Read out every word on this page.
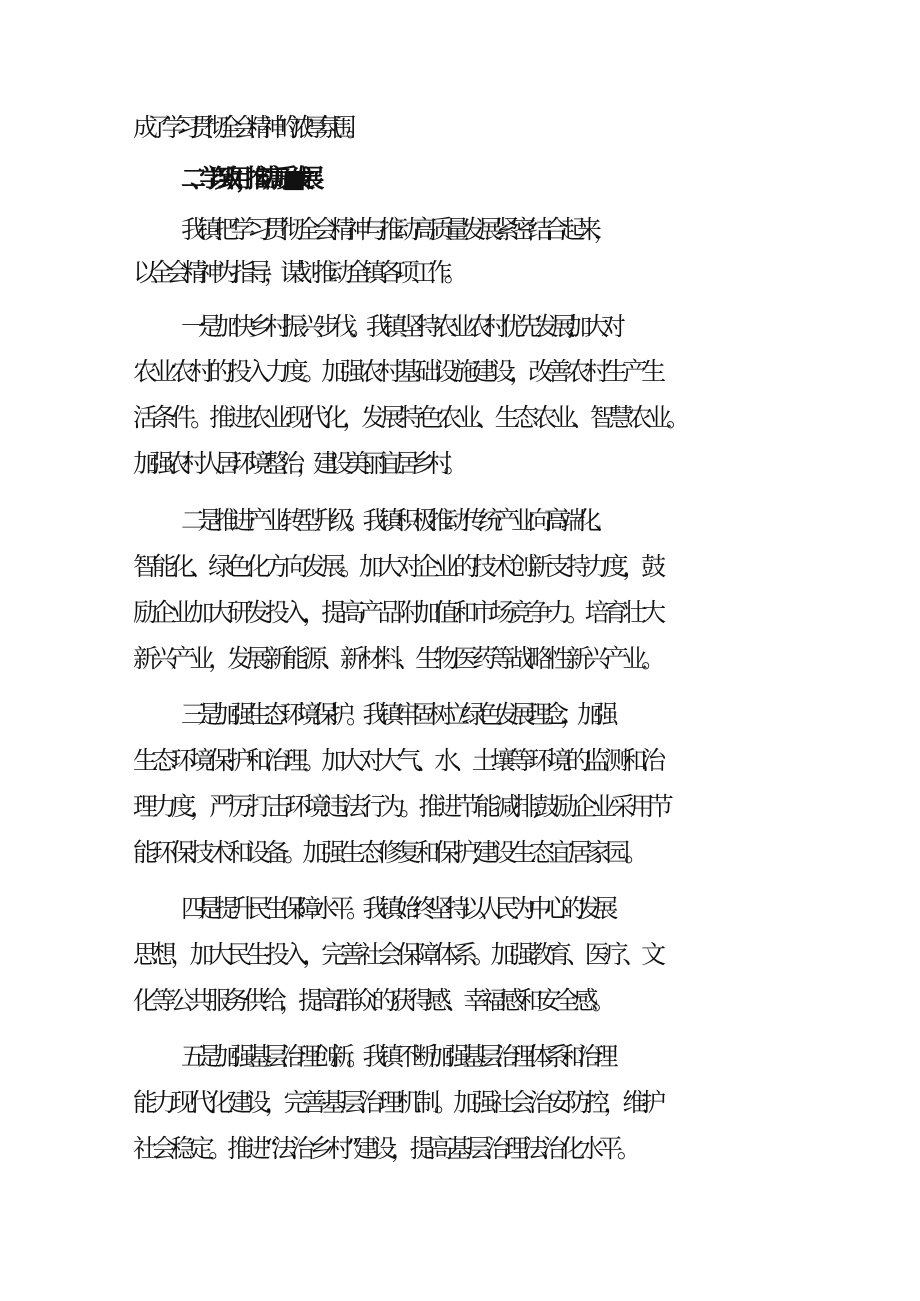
成了学习贯彻全会精神的浓厚氛围。
二、学以致用，推动高质■发展
我镇把学习贯彻全会精神与推动高质量发展紧密结合起来，
以全会精神为指导，谋划推动全镇各项工作。
一是加快乡村振兴步伐。我镇坚持农业农村优先发展,加大对
农业农村的投入力度。加强农村基础设施建设，改善农村生产生
活条件。推进农业现代化，发展特色农业、生态农业、智慧农业。
加强农村人居环境整治，建设美丽宜居乡村。
二是推进产业转型升级。我镇积极推动传统产业向高端化、
智能化、绿色化方向发展。加大对企业的技术创新支持力度，鼓
励企业加大研发投入，提高产品附加值和市场竞争力。培育壮大
新兴产业，发展新能源、新材料、生物医药等战略性新兴产业。
三是加强生态环境保护。我镇牢固树立绿色发展理念，加强
生态环境保护和治理。加大对大气、水、土壤等环境的监测和治
理力度，严厉打击环境违法行为。推进节能减排,鼓励企业采用节
能环保技术和设备。加强生态修复和保护,建设生态宜居家园。
四是提升民生保障水平。我镇始终坚持以人民为中心的发展
思想，加大民生投入，完善社会保障体系。加强教育、医疗、文
化等公共服务供给，提高群众的获得感、幸福感和安全感。
五是加强基层治理创新。我镇不断加强基层治理体系和治理
能力现代化建设，完善基层治理机制。加强社会治安防控，维护
社会稳定。推进“法治乡村”建设，提高基层治理法治化水平。
